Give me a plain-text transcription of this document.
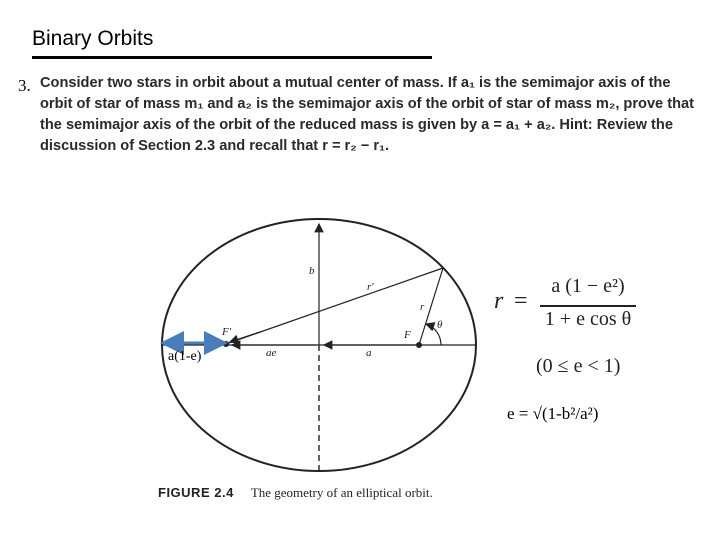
Binary Orbits
3. Consider two stars in orbit about a mutual center of mass. If a₁ is the semimajor axis of the
orbit of star of mass m₁ and a₂ is the semimajor axis of the orbit of star of mass m₂, prove that
the semimajor axis of the orbit of the reduced mass is given by a = a₁ + a₂. Hint: Review the
discussion of Section 2.3 and recall that r = r₂ − r₁.
b
r′
r
θ
F′	F
ae	a
a(1-e)
r =
a (1 − e²)
1 + e cos θ
(0 ≤ e < 1)
e = √(1-b²/a²)
FIGURE 2.4 The geometry of an elliptical orbit.
